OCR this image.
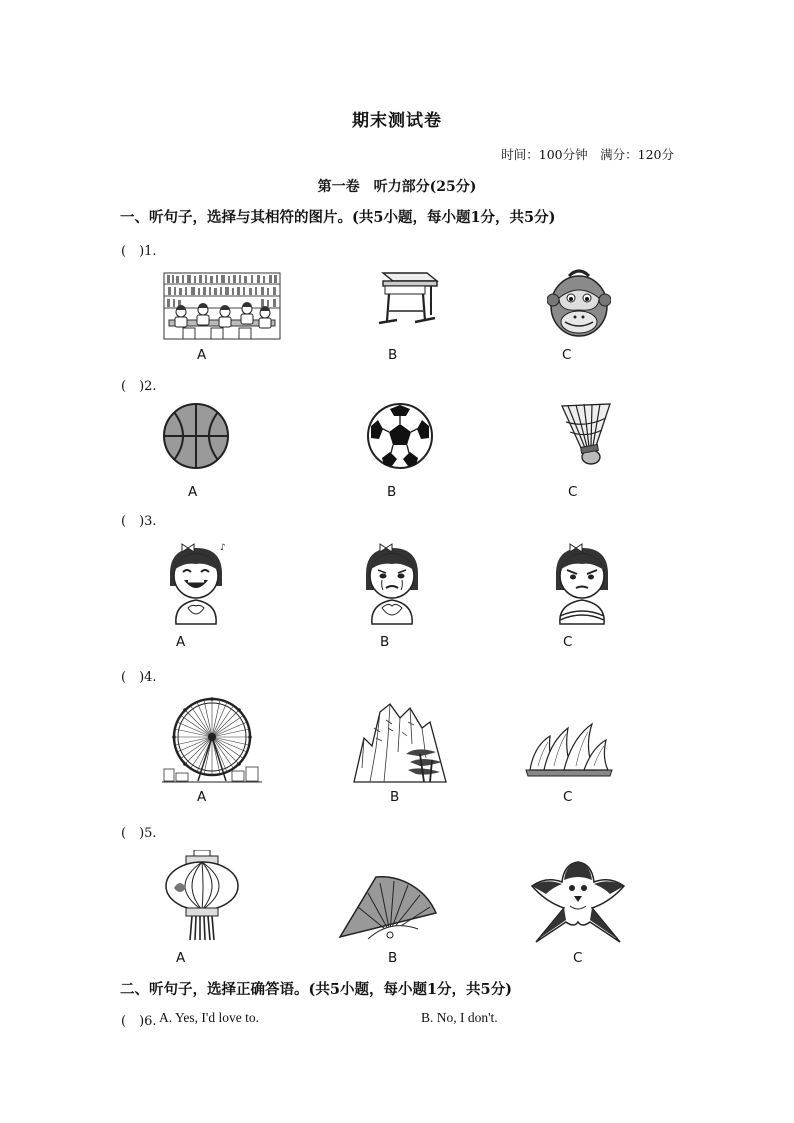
期末测试卷
时间：100分钟　满分：120分
第一卷　听力部分(25分)
一、听句子，选择与其相符的图片。(共5小题，每小题1分，共5分)
(　)1.
A	B	C
(　)2.
A	B	C
(　)3.
♪
A	B	C
(　)4.
A	B	C
(　)5.
A	B	C
二、听句子，选择正确答语。(共5小题，每小题1分，共5分)
(　)6. A. Yes, I'd love to.	B. No, I don't.
